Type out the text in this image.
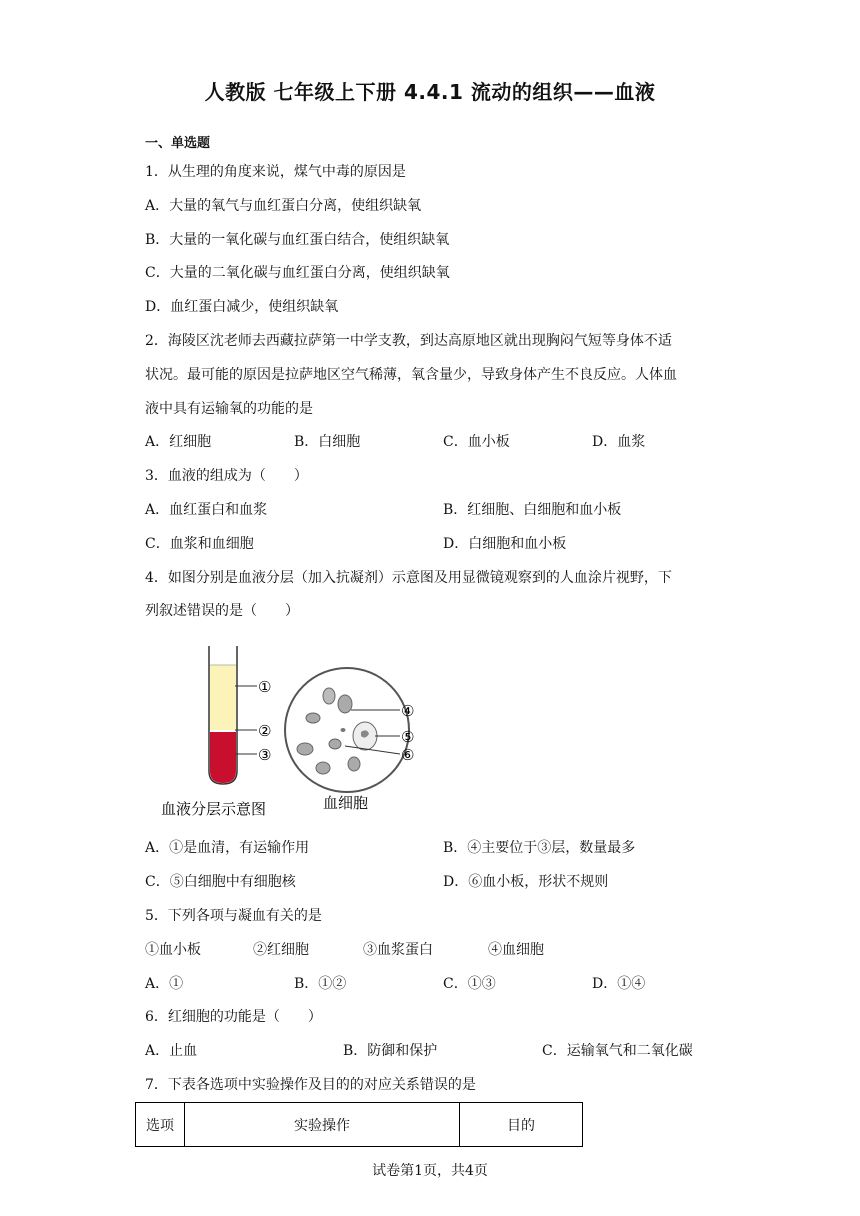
人教版 七年级上下册 4.4.1 流动的组织——血液
一、单选题
1．从生理的角度来说，煤气中毒的原因是
A．大量的氧气与血红蛋白分离，使组织缺氧
B．大量的一氧化碳与血红蛋白结合，使组织缺氧
C．大量的二氧化碳与血红蛋白分离，使组织缺氧
D．血红蛋白减少，使组织缺氧
2．海陵区沈老师去西藏拉萨第一中学支教，到达高原地区就出现胸闷气短等身体不适
状况。最可能的原因是拉萨地区空气稀薄，氧含量少，导致身体产生不良反应。人体血
液中具有运输氧的功能的是
A．红细胞	B．白细胞	C．血小板	D．血浆
3．血液的组成为（　　）
A．血红蛋白和血浆	B．红细胞、白细胞和血小板
C．血浆和血细胞	D．白细胞和血小板
4．如图分别是血液分层（加入抗凝剂）示意图及用显微镜观察到的人血涂片视野，下
列叙述错误的是（　　）
①
②
③
④
⑤
⑥
血液分层示意图	血细胞
A．①是血清，有运输作用	B．④主要位于③层，数量最多
C．⑤白细胞中有细胞核	D．⑥血小板，形状不规则
5．下列各项与凝血有关的是
①血小板	②红细胞	③血浆蛋白	④血细胞
A．①	B．①②	C．①③	D．①④
6．红细胞的功能是（　　）
A．止血	B．防御和保护	C．运输氧气和二氧化碳
7．下表各选项中实验操作及目的的对应关系错误的是
选项	实验操作	目的
试卷第1页，共4页
